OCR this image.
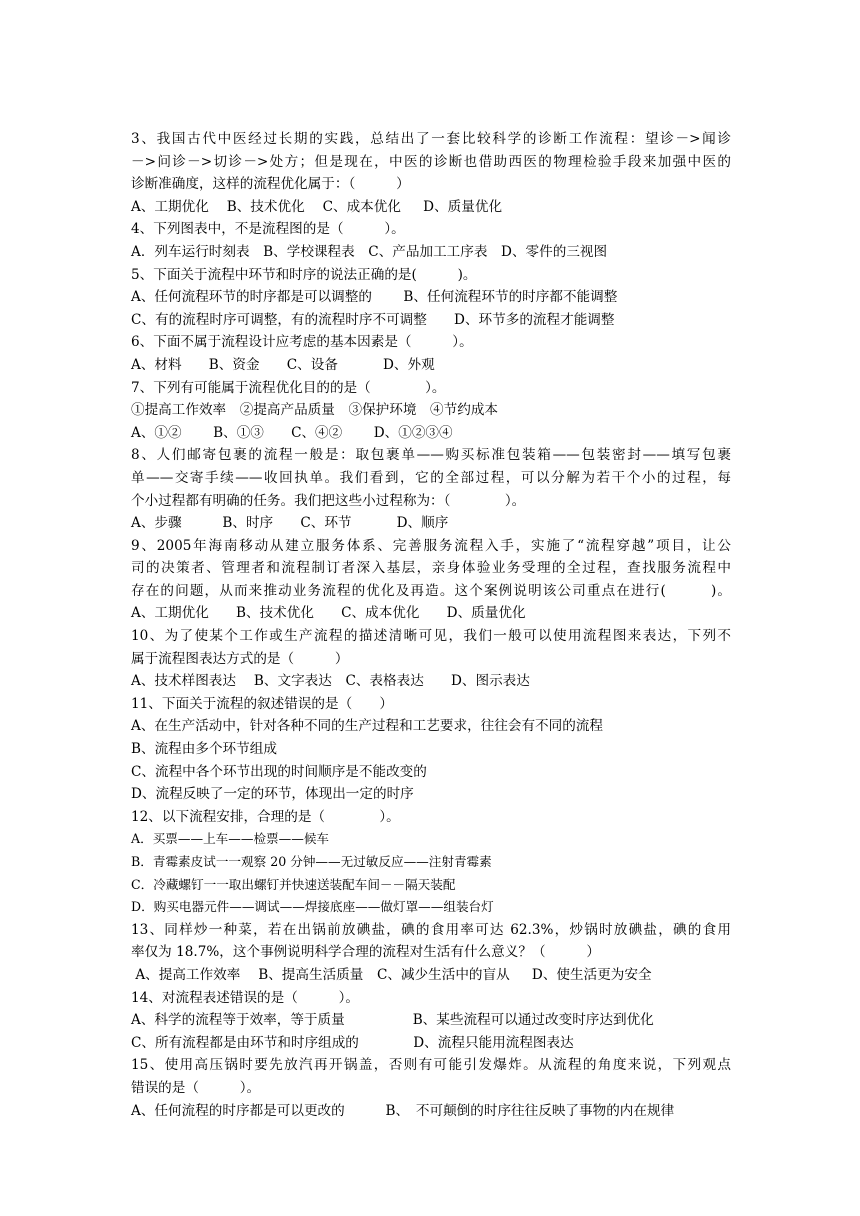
3、我国古代中医经过长期的实践，总结出了一套比较科学的诊断工作流程：望诊－>闻诊
－>问诊－>切诊－>处方；但是现在，中医的诊断也借助西医的物理检验手段来加强中医的
诊断准确度，这样的流程优化属于：（　　　）
A、工期优化　 B、技术优化　 C、成本优化　  D、质量优化
4、下列图表中，不是流程图的是（　　　）。
A．列车运行时刻表　B、学校课程表　C、产品加工工序表　D、零件的三视图
5、下面关于流程中环节和时序的说法正确的是(　　　)。
A、任何流程环节的时序都是可以调整的　　 B、任何流程环节的时序都不能调整
C、有的流程时序可调整，有的流程时序不可调整　　D、环节多的流程才能调整
6、下面不属于流程设计应考虑的基本因素是（　　　）。
A、材料　　B、资金　　C、设备　　　 D、外观
7、下列有可能属于流程优化目的的是（　　　　）。
①提高工作效率　②提高产品质量　③保护环境　④节约成本
A、①②　　 B、①③　　C、④②　　 D、①②③④
8、人们邮寄包裹的流程一般是：取包裹单——购买标准包装箱——包装密封——填写包裹
单——交寄手续——收回执单。我们看到，它的全部过程，可以分解为若干个小的过程，每
个小过程都有明确的任务。我们把这些小过程称为：（　　　　）。
A、步骤　　　B、时序　　C、环节　　　 D、顺序
9、2005年海南移动从建立服务体系、完善服务流程入手，实施了“流程穿越”项目，让公
司的决策者、管理者和流程制订者深入基层，亲身体验业务受理的全过程，查找服务流程中
存在的问题，从而来推动业务流程的优化及再造。这个案例说明该公司重点在进行(　　　)。
A、工期优化　　B、技术优化　　C、成本优化　　D、质量优化
10、为了使某个工作或生产流程的描述清晰可见，我们一般可以使用流程图来表达，下列不
属于流程图表达方式的是（　　　）
A、技术样图表达　 B、文字表达　C、表格表达　　D、图示表达
11、下面关于流程的叙述错误的是（　　）
A、在生产活动中，针对各种不同的生产过程和工艺要求，往往会有不同的流程
B、流程由多个环节组成
C、流程中各个环节出现的时间顺序是不能改变的
D、流程反映了一定的环节，体现出一定的时序
12、以下流程安排，合理的是（　　　　）。
A．买票——上车——检票——候车
B．青霉素皮试一一观察 20 分钟——无过敏反应——注射青霉素
C．冷藏螺钉一一取出螺钉并快速送装配车间－－隔天装配
D．购买电器元件——调试——焊接底座——做灯罩——组装台灯
13、同样炒一种菜，若在出锅前放碘盐，碘的食用率可达 62.3%，炒锅时放碘盐，碘的食用
率仅为 18.7%，这个事例说明科学合理的流程对生活有什么意义？（　　　）
A、提高工作效率　 B、提高生活质量　C、减少生活中的盲从　  D、使生活更为安全
14、对流程表述错误的是（　　　）。
A、科学的流程等于效率，等于质量　　　　　B、某些流程可以通过改变时序达到优化
C、所有流程都是由环节和时序组成的　　　　D、流程只能用流程图表达
15、使用高压锅时要先放汽再开锅盖，否则有可能引发爆炸。从流程的角度来说，下列观点
错误的是（　　　）。
A、任何流程的时序都是可以更改的　　　B、　不可颠倒的时序往往反映了事物的内在规律
